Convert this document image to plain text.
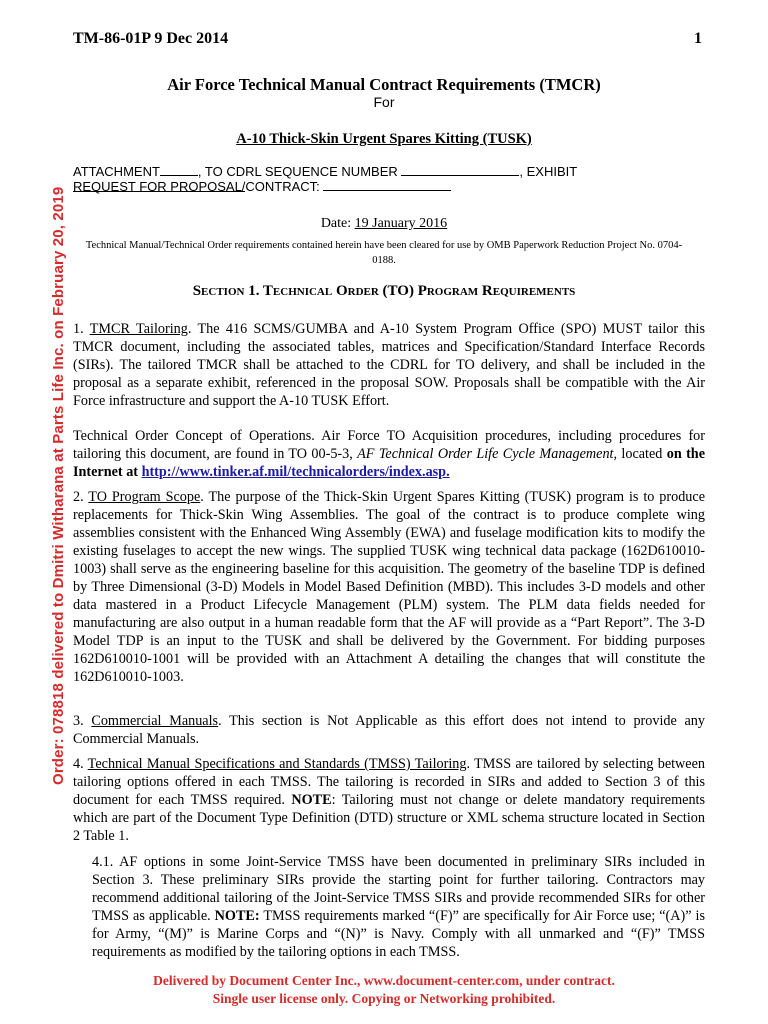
TM-86-01P 9 Dec 2014	1
Air Force Technical Manual Contract Requirements (TMCR)
For
A-10 Thick-Skin Urgent Spares Kitting (TUSK)
ATTACHMENT	, TO CDRL SEQUENCE NUMBER	, EXHIBIT
REQUEST FOR PROPOSAL/CONTRACT:
Date: 19 January 2016
Technical Manual/Technical Order requirements contained herein have been cleared for use by OMB Paperwork Reduction Project No. 0704-0188.
Section 1. Technical Order (TO) Program Requirements
1. TMCR Tailoring. The 416 SCMS/GUMBA and A-10 System Program Office (SPO) MUST tailor this TMCR document, including the associated tables, matrices and Specification/Standard Interface Records (SIRs). The tailored TMCR shall be attached to the CDRL for TO delivery, and shall be included in the proposal as a separate exhibit, referenced in the proposal SOW. Proposals shall be compatible with the Air Force infrastructure and support the A-10 TUSK Effort.
Technical Order Concept of Operations. Air Force TO Acquisition procedures, including procedures for tailoring this document, are found in TO 00-5-3, AF Technical Order Life Cycle Management, located on the Internet at http://www.tinker.af.mil/technicalorders/index.asp.
2. TO Program Scope. The purpose of the Thick-Skin Urgent Spares Kitting (TUSK) program is to produce replacements for Thick-Skin Wing Assemblies. The goal of the contract is to produce complete wing assemblies consistent with the Enhanced Wing Assembly (EWA) and fuselage modification kits to modify the existing fuselages to accept the new wings. The supplied TUSK wing technical data package (162D610010-1003) shall serve as the engineering baseline for this acquisition. The geometry of the baseline TDP is defined by Three Dimensional (3-D) Models in Model Based Definition (MBD). This includes 3-D models and other data mastered in a Product Lifecycle Management (PLM) system. The PLM data fields needed for manufacturing are also output in a human readable form that the AF will provide as a “Part Report”. The 3-D Model TDP is an input to the TUSK and shall be delivered by the Government. For bidding purposes 162D610010-1001 will be provided with an Attachment A detailing the changes that will constitute the 162D610010-1003.
3. Commercial Manuals. This section is Not Applicable as this effort does not intend to provide any Commercial Manuals.
4. Technical Manual Specifications and Standards (TMSS) Tailoring. TMSS are tailored by selecting between tailoring options offered in each TMSS. The tailoring is recorded in SIRs and added to Section 3 of this document for each TMSS required. NOTE: Tailoring must not change or delete mandatory requirements which are part of the Document Type Definition (DTD) structure or XML schema structure located in Section 2 Table 1.
4.1. AF options in some Joint-Service TMSS have been documented in preliminary SIRs included in Section 3. These preliminary SIRs provide the starting point for further tailoring. Contractors may recommend additional tailoring of the Joint-Service TMSS SIRs and provide recommended SIRs for other TMSS as applicable. NOTE: TMSS requirements marked “(F)” are specifically for Air Force use; “(A)” is for Army, “(M)” is Marine Corps and “(N)” is Navy. Comply with all unmarked and “(F)” TMSS requirements as modified by the tailoring options in each TMSS.
Delivered by Document Center Inc., www.document-center.com, under contract.
Single user license only. Copying or Networking prohibited.
Order: 078818 delivered to Dmitri Witharana at Parts Life Inc. on February 20, 2019
